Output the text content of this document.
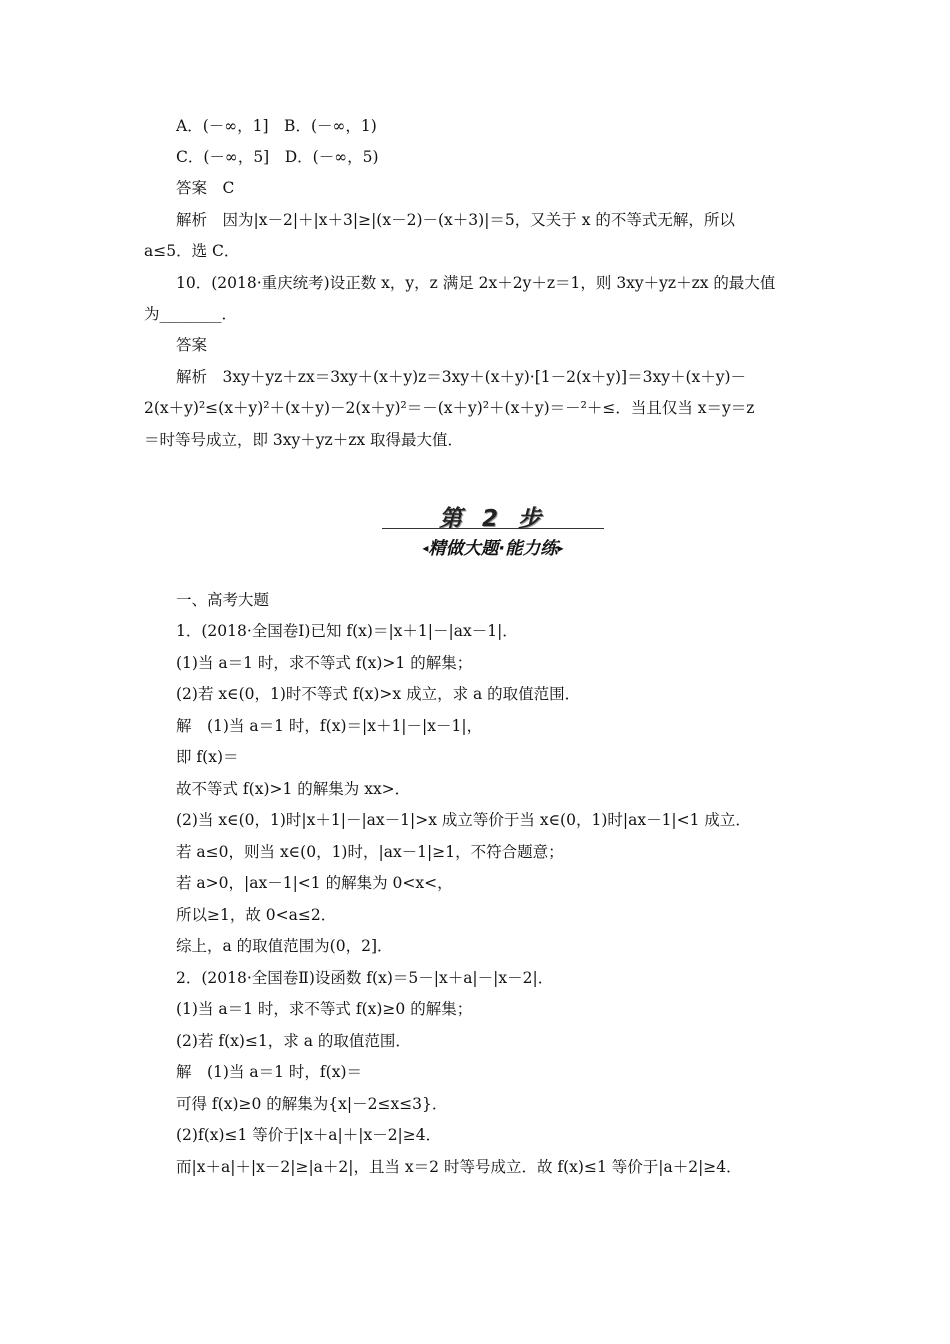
第 2 步
◂精做大题·能力练▸
A．(－∞，1]　B．(－∞，1)
C．(－∞，5]　D．(－∞，5)
答案　C
解析　因为|x－2|＋|x＋3|≥|(x－2)－(x＋3)|＝5，又关于 x 的不等式无解，所以
a≤5．选 C．
10．(2018·重庆统考)设正数 x，y，z 满足 2x＋2y＋z＝1，则 3xy＋yz＋zx 的最大值
为________．
答案
解析　3xy＋yz＋zx＝3xy＋(x＋y)z＝3xy＋(x＋y)·[1－2(x＋y)]＝3xy＋(x＋y)－
2(x＋y)²≤(x＋y)²＋(x＋y)－2(x＋y)²＝－(x＋y)²＋(x＋y)＝－²＋≤．当且仅当 x＝y＝z
＝时等号成立，即 3xy＋yz＋zx 取得最大值．
一、高考大题
1．(2018·全国卷Ⅰ)已知 f(x)＝|x＋1|－|ax－1|．
(1)当 a＝1 时，求不等式 f(x)>1 的解集；
(2)若 x∈(0，1)时不等式 f(x)>x 成立，求 a 的取值范围．
解　(1)当 a＝1 时，f(x)＝|x＋1|－|x－1|，
即 f(x)＝
故不等式 f(x)>1 的解集为 xx>．
(2)当 x∈(0，1)时|x＋1|－|ax－1|>x 成立等价于当 x∈(0，1)时|ax－1|<1 成立．
若 a≤0，则当 x∈(0，1)时，|ax－1|≥1，不符合题意；
若 a>0，|ax－1|<1 的解集为 0<x<，
所以≥1，故 0<a≤2．
综上，a 的取值范围为(0，2]．
2．(2018·全国卷Ⅱ)设函数 f(x)＝5－|x＋a|－|x－2|．
(1)当 a＝1 时，求不等式 f(x)≥0 的解集；
(2)若 f(x)≤1，求 a 的取值范围．
解　(1)当 a＝1 时，f(x)＝
可得 f(x)≥0 的解集为{x|－2≤x≤3}．
(2)f(x)≤1 等价于|x＋a|＋|x－2|≥4．
而|x＋a|＋|x－2|≥|a＋2|，且当 x＝2 时等号成立．故 f(x)≤1 等价于|a＋2|≥4．
